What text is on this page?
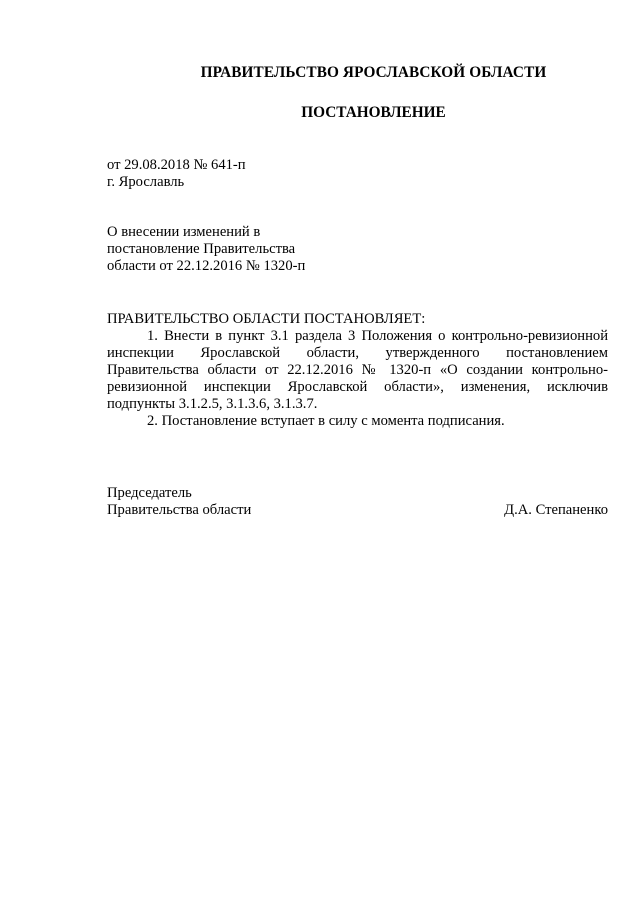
ПРАВИТЕЛЬСТВО ЯРОСЛАВСКОЙ ОБЛАСТИ
ПОСТАНОВЛЕНИЕ
от 29.08.2018 № 641-п
г. Ярославль
О внесении изменений в
постановление Правительства
области от 22.12.2016 № 1320-п
ПРАВИТЕЛЬСТВО ОБЛАСТИ ПОСТАНОВЛЯЕТ:

1. Внести в пункт 3.1 раздела 3 Положения о контрольно-ревизионной инспекции Ярославской области, утвержденного постановлением Правительства области от 22.12.2016 № 1320-п «О создании контрольно-ревизионной инспекции Ярославской области», изменения, исключив подпункты 3.1.2.5, 3.1.3.6, 3.1.3.7.

2. Постановление вступает в силу с момента подписания.

Председатель
Правительства области	Д.А. Степаненко
